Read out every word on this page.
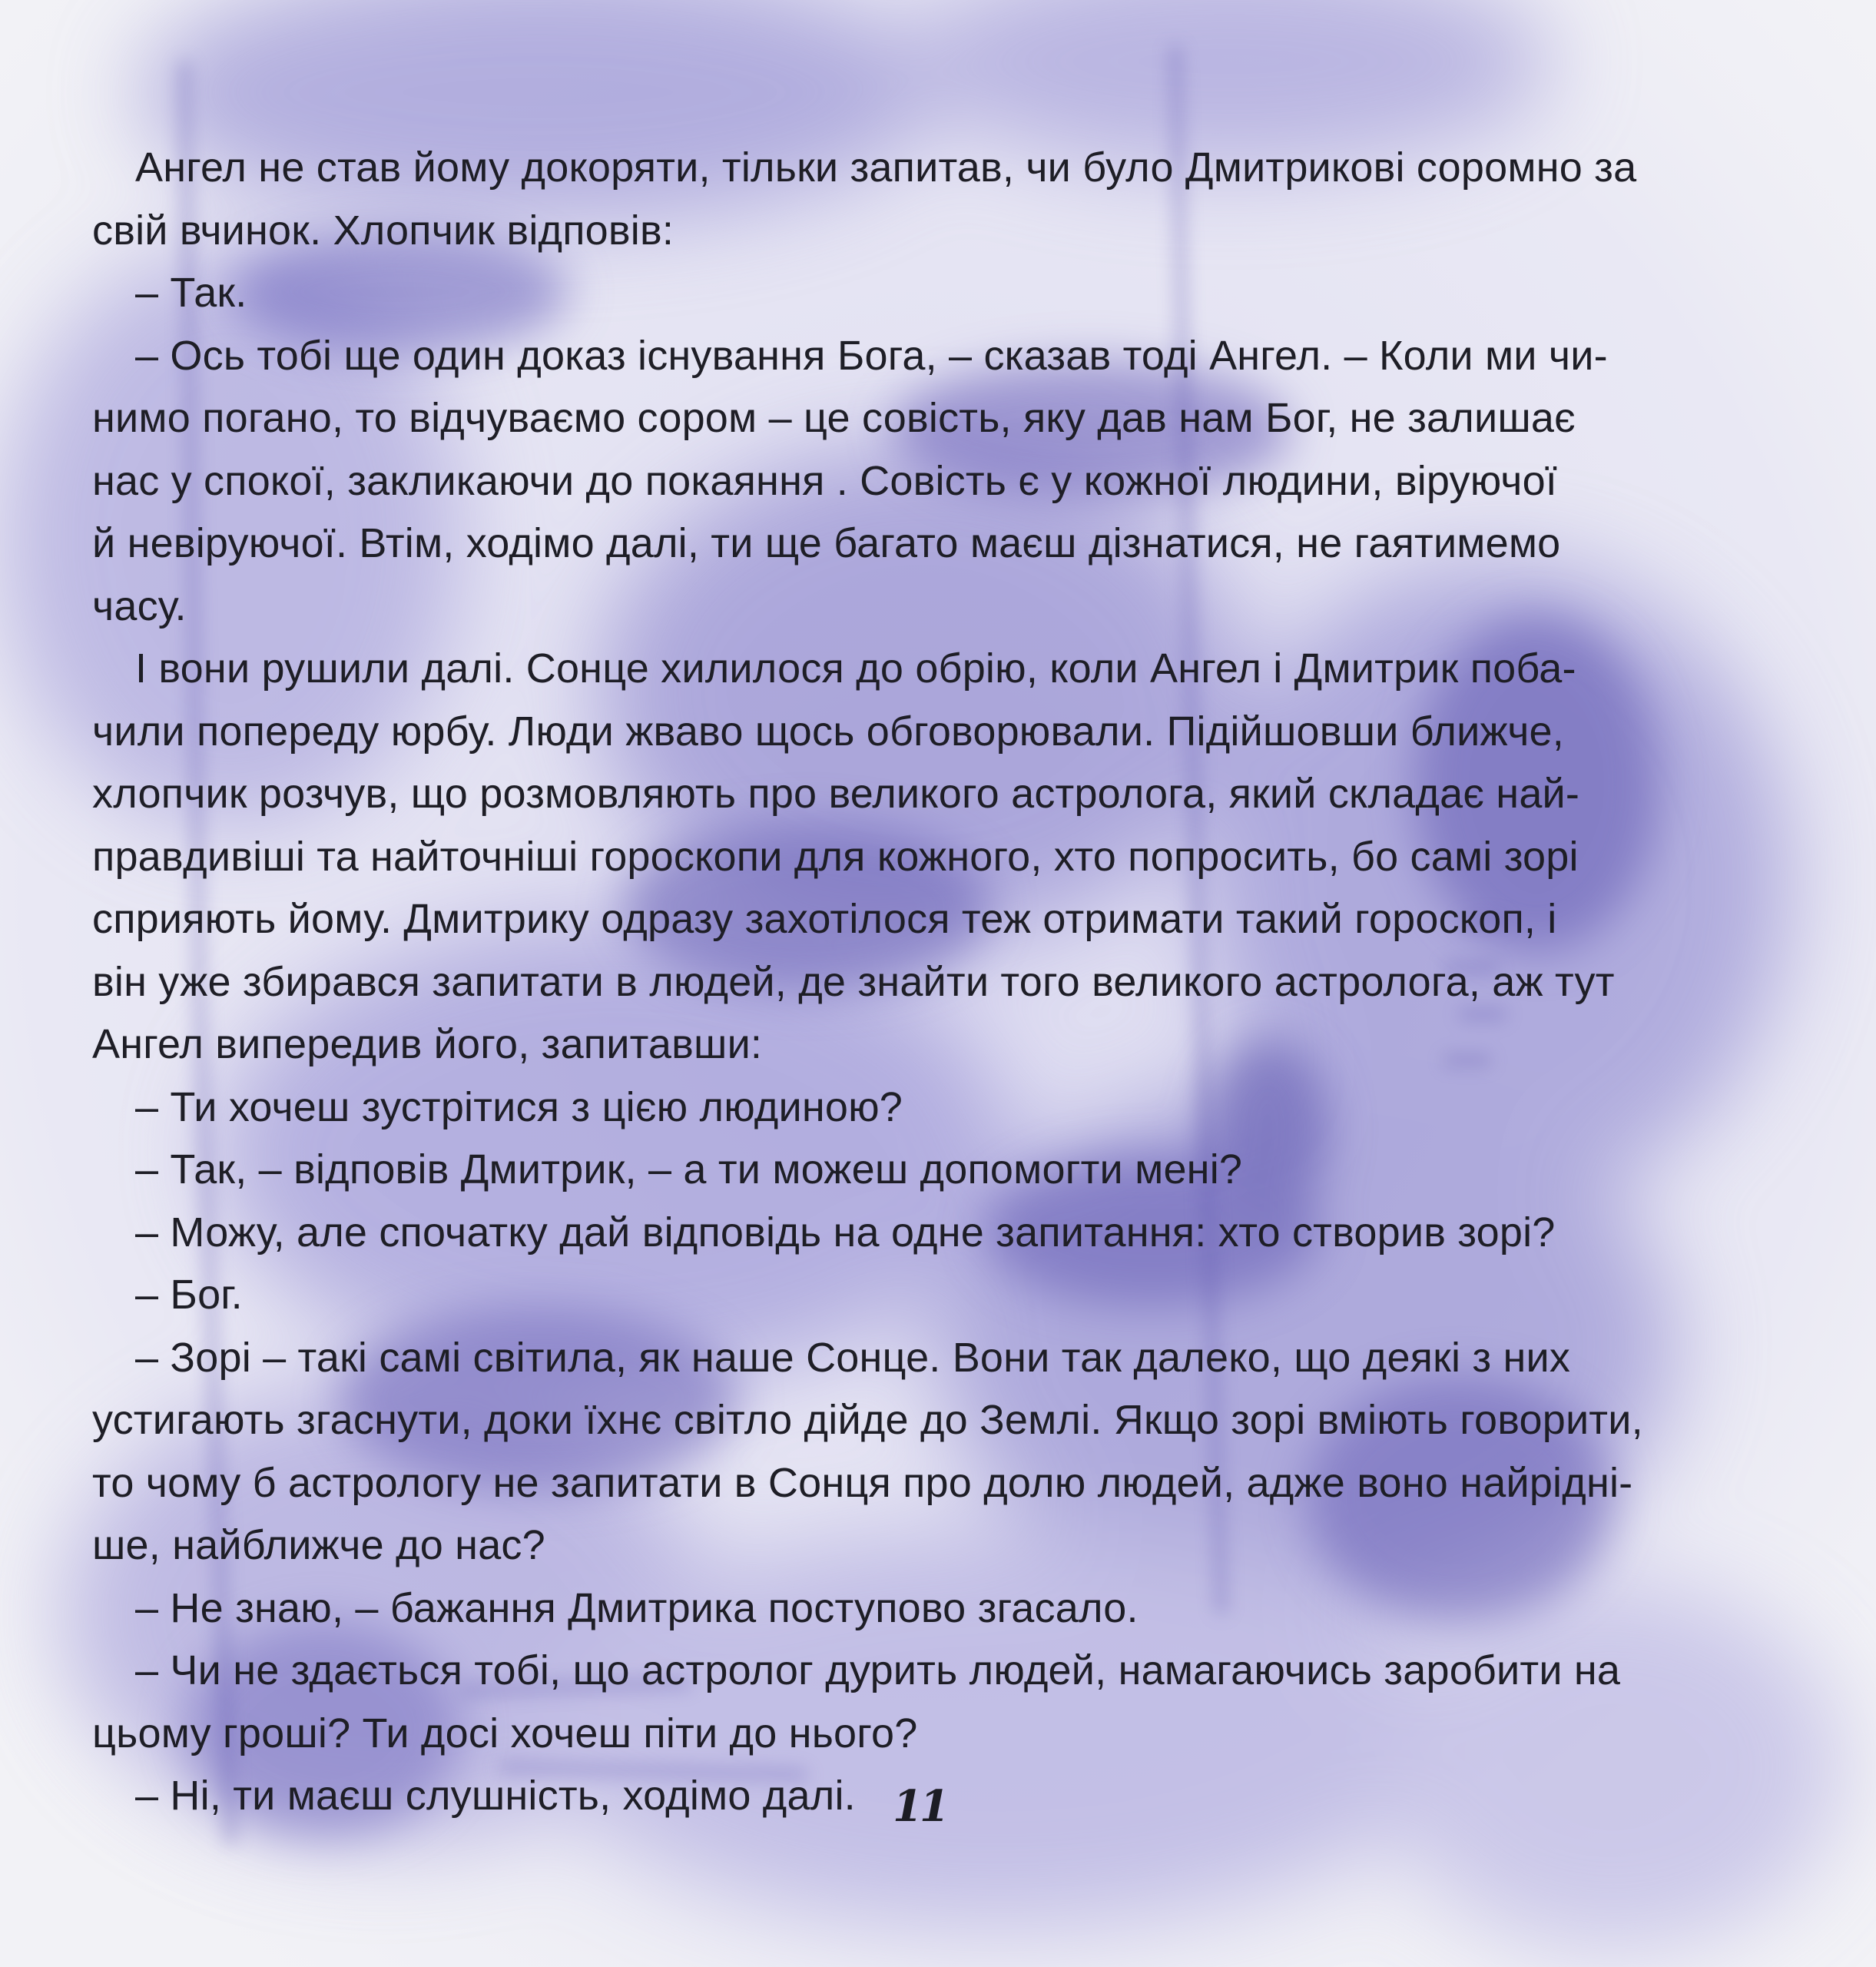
Ангел не став йому докоряти, тільки запитав, чи було Дмитрикові соромно за

свій вчинок. Хлопчик відповів:

– Так.

– Ось тобі ще один доказ існування Бога, – сказав тоді Ангел. – Коли ми чи-

нимо погано, то відчуваємо сором – це совість, яку дав нам Бог, не залишає

нас у спокої, закликаючи до покаяння . Совість є у кожної людини, віруючої

й невіруючої. Втім, ходімо далі, ти ще багато маєш дізнатися, не гаятимемо

часу.

І вони рушили далі. Сонце хилилося до обрію, коли Ангел і Дмитрик поба-

чили попереду юрбу. Люди жваво щось обговорювали. Підійшовши ближче,

хлопчик розчув, що розмовляють про великого астролога, який складає най-

правдивіші та найточніші гороскопи для кожного, хто попросить, бо самі зорі

сприяють йому. Дмитрику одразу захотілося теж отримати такий гороскоп, і

він уже збирався запитати в людей, де знайти того великого астролога, аж тут

Ангел випередив його, запитавши:

– Ти хочеш зустрітися з цією людиною?

– Так, – відповів Дмитрик, – а ти можеш допомогти мені?

– Можу, але спочатку дай відповідь на одне запитання: хто створив зорі?

– Бог.

– Зорі – такі самі світила, як наше Сонце. Вони так далеко, що деякі з них

устигають згаснути, доки їхнє світло дійде до Землі. Якщо зорі вміють говорити,

то чому б астрологу не запитати в Сонця про долю людей, адже воно найрідні-

ше, найближче до нас?

– Не знаю, – бажання Дмитрика поступово згасало.

– Чи не здається тобі, що астролог дурить людей, намагаючись заробити на

цьому гроші? Ти досі хочеш піти до нього?

– Ні, ти маєш слушність, ходімо далі. 11
